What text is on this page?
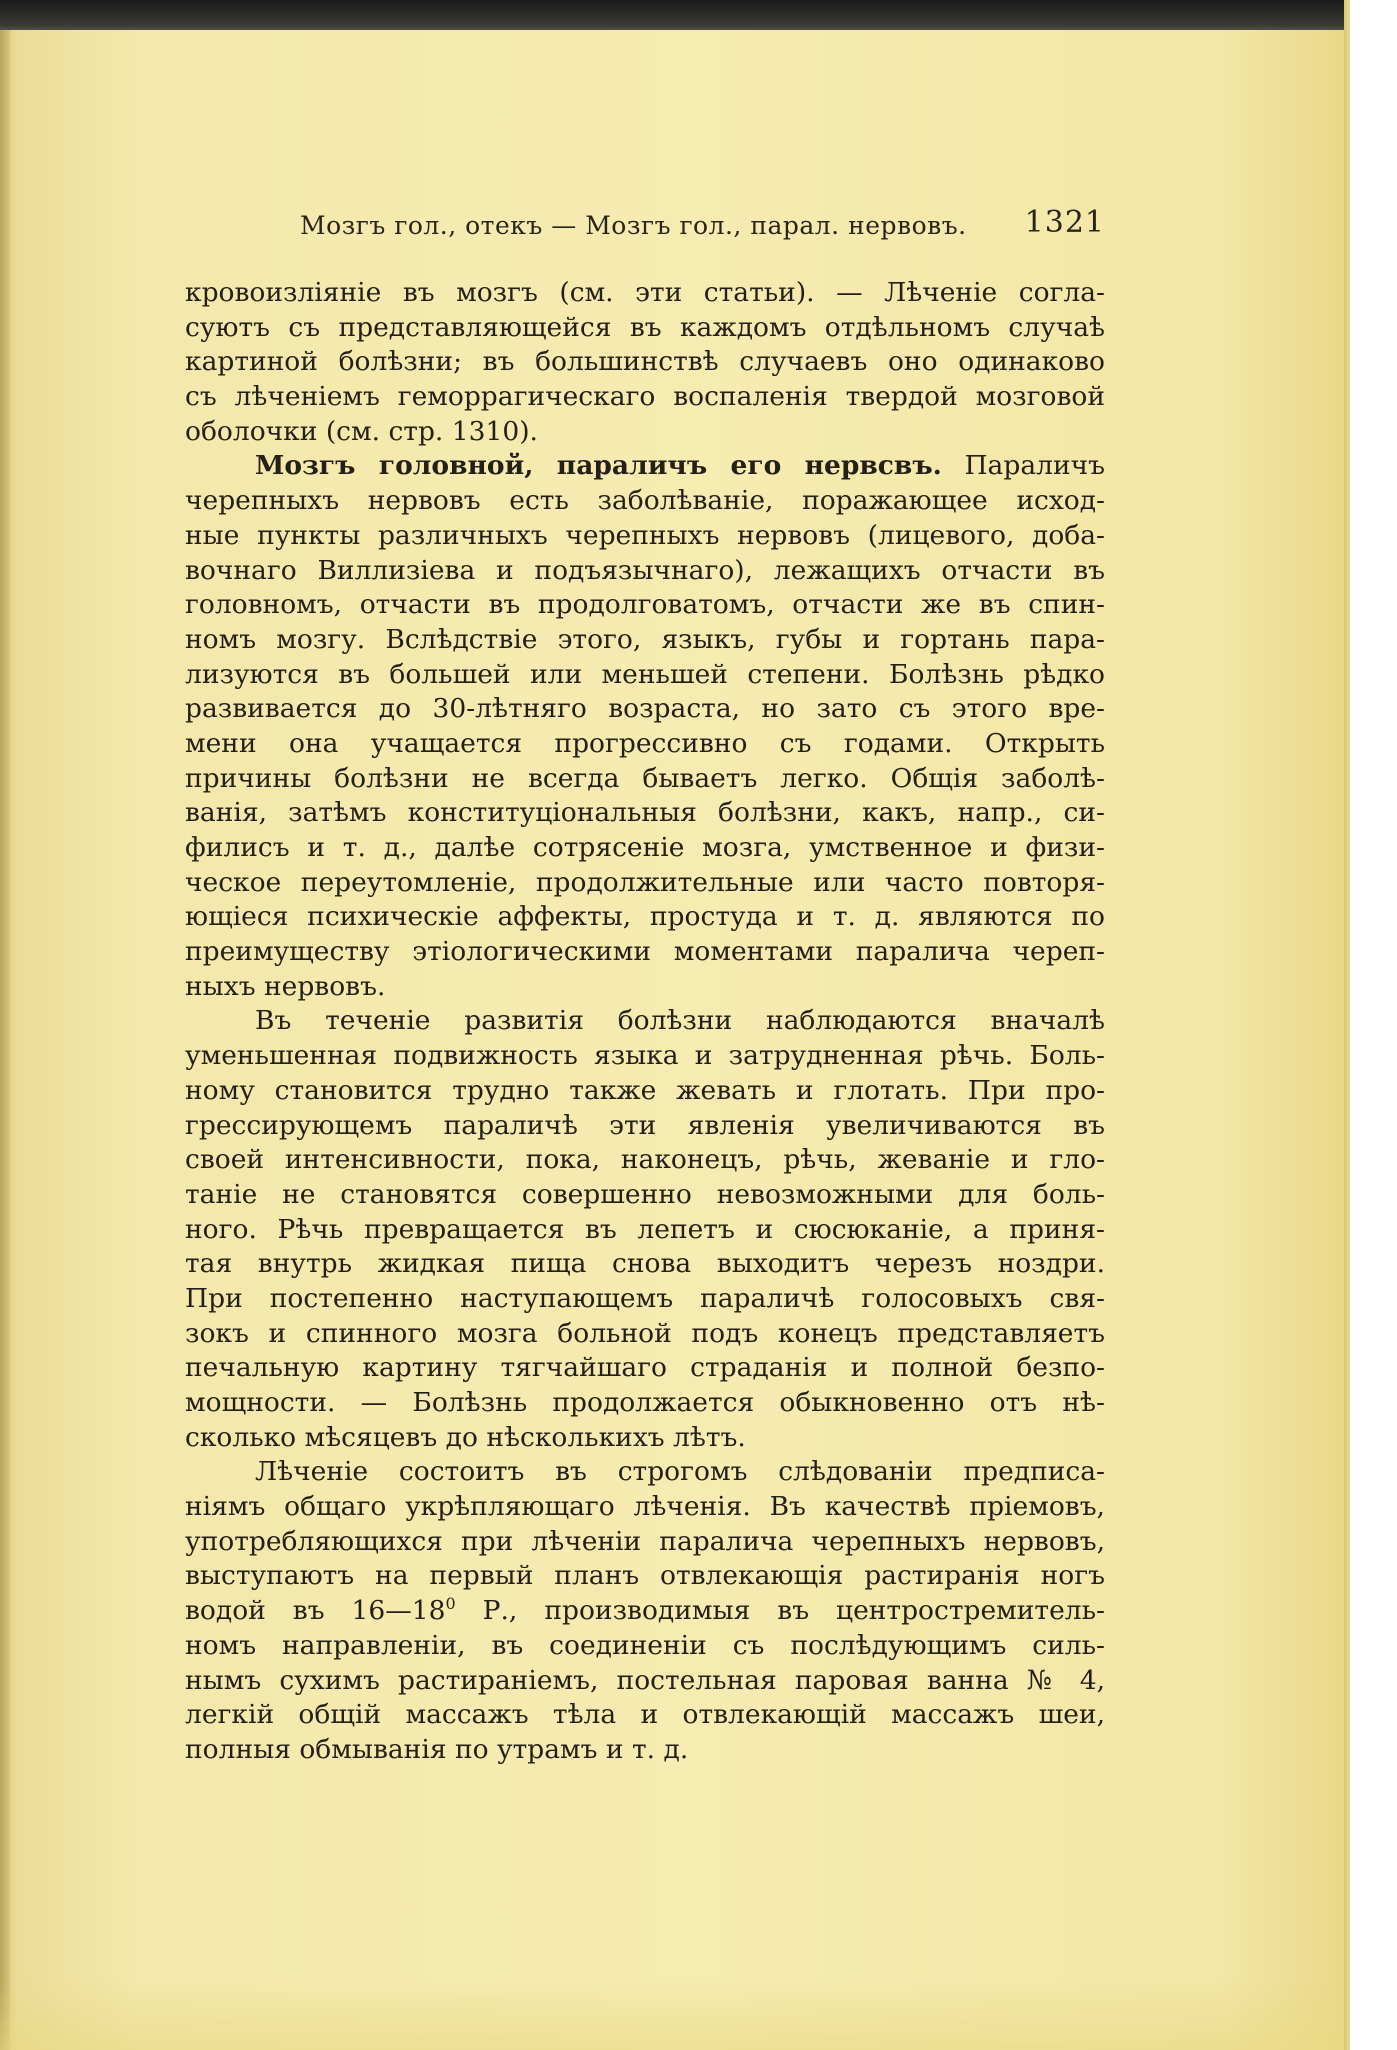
Мозгъ гол., отекъ — Мозгъ гол., парал. нервовъ. 1321
кровоизліяніе въ мозгъ (см. эти статьи). — Лѣченіе согла-
суютъ съ представляющейся въ каждомъ отдѣльномъ случаѣ
картиной болѣзни; въ большинствѣ случаевъ оно одинаково
съ лѣченіемъ геморрагическаго воспаленія твердой мозговой
оболочки (см. стр. 1310).
Мозгъ головной, параличъ его нервсвъ. Параличъ
черепныхъ нервовъ есть заболѣваніе, поражающее исход-
ные пункты различныхъ черепныхъ нервовъ (лицевого, доба-
вочнаго Виллизіева и подъязычнаго), лежащихъ отчасти въ
головномъ, отчасти въ продолговатомъ, отчасти же въ спин-
номъ мозгу. Вслѣдствіе этого, языкъ, губы и гортань пара-
лизуются въ большей или меньшей степени. Болѣзнь рѣдко
развивается до 30-лѣтняго возраста, но зато съ этого вре-
мени она учащается прогрессивно съ годами. Открыть
причины болѣзни не всегда бываетъ легко. Общія заболѣ-
ванія, затѣмъ конституціональныя болѣзни, какъ, напр., си-
филисъ и т. д., далѣе сотрясеніе мозга, умственное и физи-
ческое переутомленіе, продолжительные или часто повторя-
ющіеся психическіе аффекты, простуда и т. д. являются по
преимуществу этіологическими моментами паралича череп-
ныхъ нервовъ.
Въ теченіе развитія болѣзни наблюдаются вначалѣ
уменьшенная подвижность языка и затрудненная рѣчь. Боль-
ному становится трудно также жевать и глотать. При про-
грессирующемъ параличѣ эти явленія увеличиваются въ
своей интенсивности, пока, наконецъ, рѣчь, жеваніе и гло-
таніе не становятся совершенно невозможными для боль-
ного. Рѣчь превращается въ лепетъ и сюсюканіе, а приня-
тая внутрь жидкая пища снова выходитъ черезъ ноздри.
При постепенно наступающемъ параличѣ голосовыхъ свя-
зокъ и спинного мозга больной подъ конецъ представляетъ
печальную картину тягчайшаго страданія и полной безпо-
мощности. — Болѣзнь продолжается обыкновенно отъ нѣ-
сколько мѣсяцевъ до нѣсколькихъ лѣтъ.
Лѣченіе состоитъ въ строгомъ слѣдованіи предписа-
ніямъ общаго укрѣпляющаго лѣченія. Въ качествѣ пріемовъ,
употребляющихся при лѣченіи паралича черепныхъ нервовъ,
выступаютъ на первый планъ отвлекающія растиранія ногъ
водой въ $16—18^0$ Р., производимыя въ центростремитель-
номъ направленіи, въ соединеніи съ послѣдующимъ силь-
нымъ сухимъ растираніемъ, постельная паровая ванна № 4,
легкій общій массажъ тѣла и отвлекающій массажъ шеи,
полныя обмыванія по утрамъ и т. д.
